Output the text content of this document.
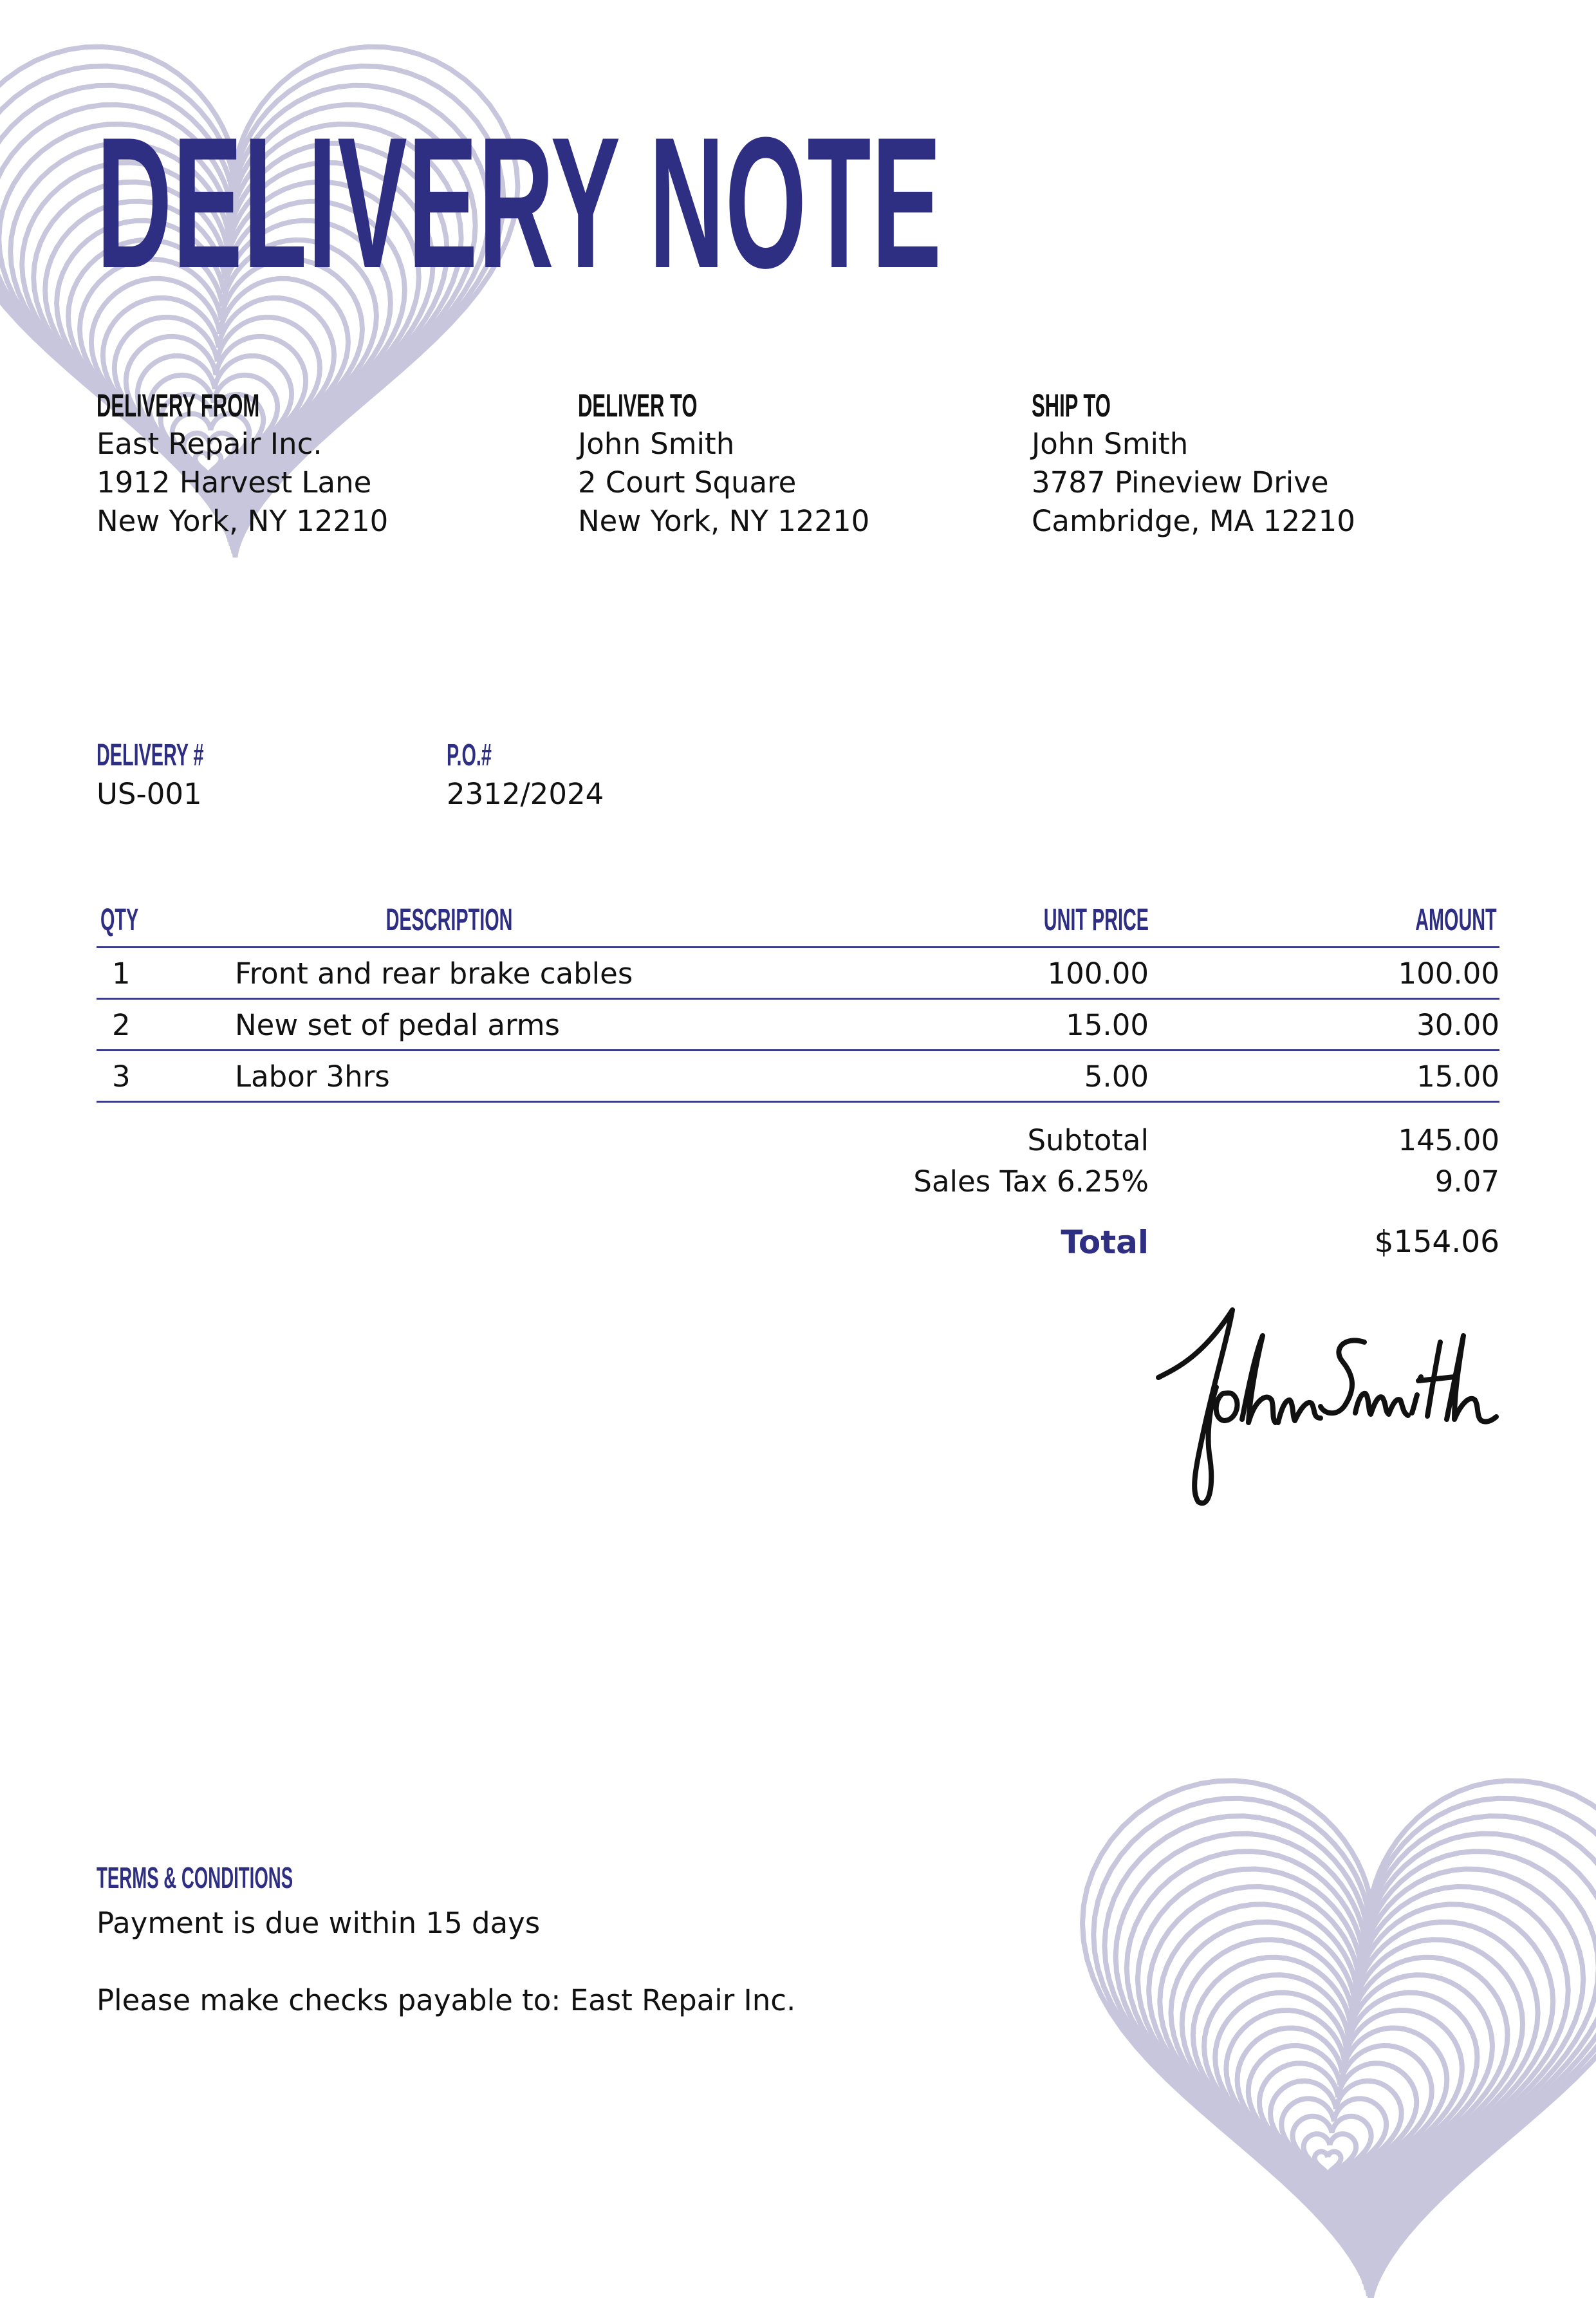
DELIVERY NOTE
DELIVERY FROM
East Repair Inc.
1912 Harvest Lane
New York, NY 12210
DELIVER TO
John Smith
2 Court Square
New York, NY 12210
SHIP TO
John Smith
3787 Pineview Drive
Cambridge, MA 12210
DELIVERY #
US-001
P.O.#
2312/2024
QTY	DESCRIPTION	UNIT PRICE	AMOUNT
1	Front and rear brake cables	100.00	100.00
2	New set of pedal arms	15.00	30.00
3	Labor 3hrs	5.00	15.00
Subtotal	145.00
Sales Tax 6.25%	9.07
Total	$154.06
TERMS & CONDITIONS
Payment is due within 15 days
Please make checks payable to: East Repair Inc.
